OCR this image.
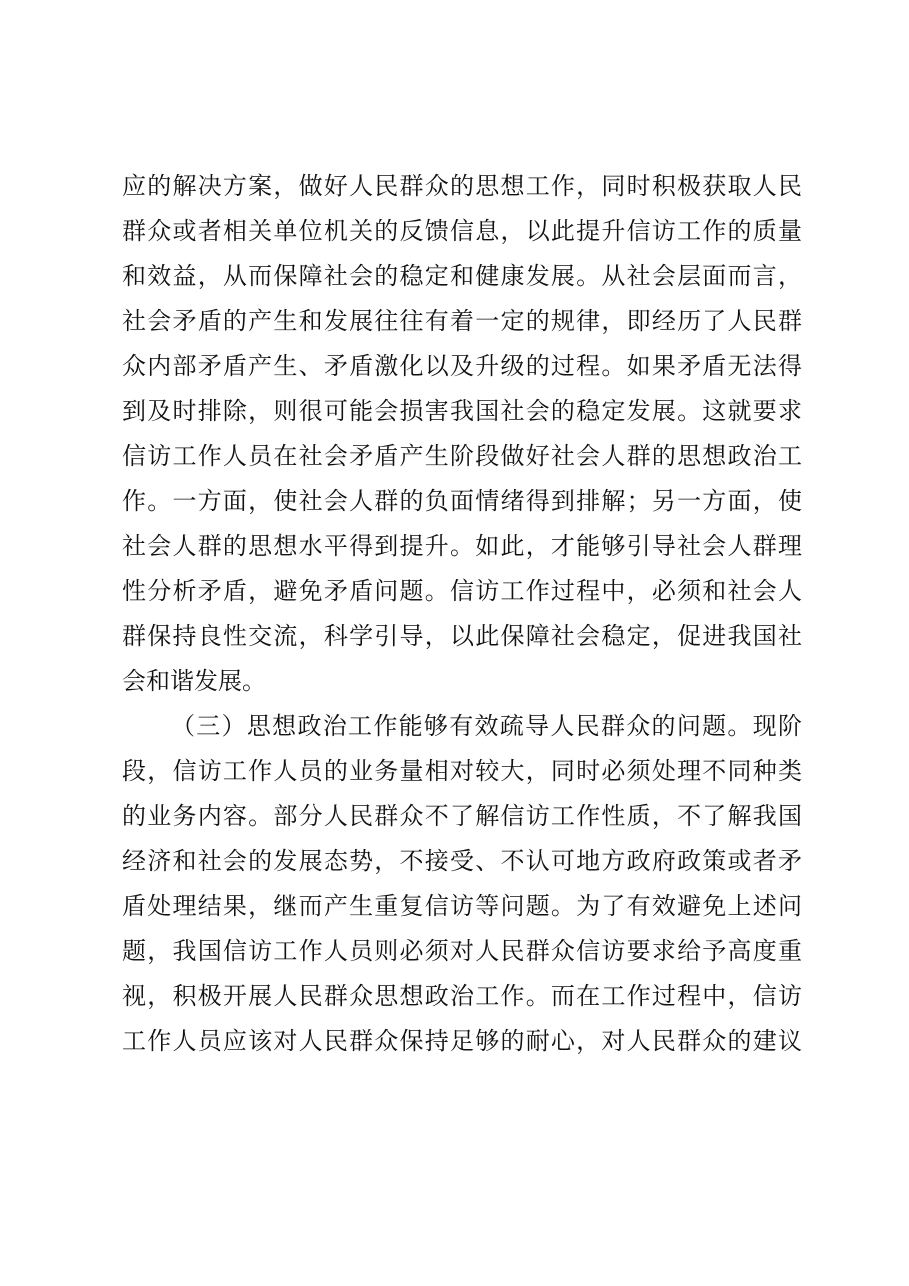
应的解决方案，做好人民群众的思想工作，同时积极获取人民
群众或者相关单位机关的反馈信息，以此提升信访工作的质量
和效益，从而保障社会的稳定和健康发展。从社会层面而言，
社会矛盾的产生和发展往往有着一定的规律，即经历了人民群
众内部矛盾产生、矛盾激化以及升级的过程。如果矛盾无法得
到及时排除，则很可能会损害我国社会的稳定发展。这就要求
信访工作人员在社会矛盾产生阶段做好社会人群的思想政治工
作。一方面，使社会人群的负面情绪得到排解；另一方面，使
社会人群的思想水平得到提升。如此，才能够引导社会人群理
性分析矛盾，避免矛盾问题。信访工作过程中，必须和社会人
群保持良性交流，科学引导，以此保障社会稳定，促进我国社
会和谐发展。
（三）思想政治工作能够有效疏导人民群众的问题。现阶
段，信访工作人员的业务量相对较大，同时必须处理不同种类
的业务内容。部分人民群众不了解信访工作性质，不了解我国
经济和社会的发展态势，不接受、不认可地方政府政策或者矛
盾处理结果，继而产生重复信访等问题。为了有效避免上述问
题，我国信访工作人员则必须对人民群众信访要求给予高度重
视，积极开展人民群众思想政治工作。而在工作过程中，信访
工作人员应该对人民群众保持足够的耐心，对人民群众的建议
